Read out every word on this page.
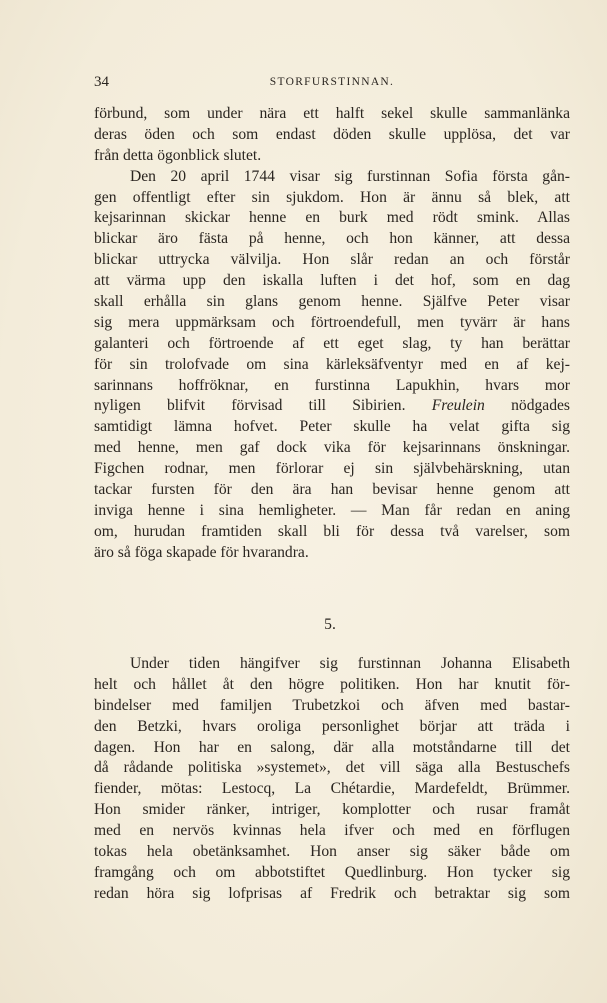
34	STORFURSTINNAN.
förbund, som under nära ett halft sekel skulle sammanlänka
deras öden och som endast döden skulle upplösa, det var
från detta ögonblick slutet.
Den 20 april 1744 visar sig furstinnan Sofia första gån-
gen offentligt efter sin sjukdom. Hon är ännu så blek, att
kejsarinnan skickar henne en burk med rödt smink. Allas
blickar äro fästa på henne, och hon känner, att dessa
blickar uttrycka välvilja. Hon slår redan an och förstår
att värma upp den iskalla luften i det hof, som en dag
skall erhålla sin glans genom henne. Själfve Peter visar
sig mera uppmärksam och förtroendefull, men tyvärr är hans
galanteri och förtroende af ett eget slag, ty han berättar
för sin trolofvade om sina kärleksäfventyr med en af kej-
sarinnans hoffröknar, en furstinna Lapukhin, hvars mor
nyligen blifvit förvisad till Sibirien. Freulein nödgades
samtidigt lämna hofvet. Peter skulle ha velat gifta sig
med henne, men gaf dock vika för kejsarinnans önskningar.
Figchen rodnar, men förlorar ej sin självbehärskning, utan
tackar fursten för den ära han bevisar henne genom att
inviga henne i sina hemligheter. — Man får redan en aning
om, hurudan framtiden skall bli för dessa två varelser, som
äro så föga skapade för hvarandra.
5.
Under tiden hängifver sig furstinnan Johanna Elisabeth
helt och hållet åt den högre politiken. Hon har knutit för-
bindelser med familjen Trubetzkoi och äfven med bastar-
den Betzki, hvars oroliga personlighet börjar att träda i
dagen. Hon har en salong, där alla motståndarne till det
då rådande politiska »systemet», det vill säga alla Bestuschefs
fiender, mötas: Lestocq, La Chétardie, Mardefeldt, Brümmer.
Hon smider ränker, intriger, komplotter och rusar framåt
med en nervös kvinnas hela ifver och med en förflugen
tokas hela obetänksamhet. Hon anser sig säker både om
framgång och om abbotstiftet Quedlinburg. Hon tycker sig
redan höra sig lofprisas af Fredrik och betraktar sig som
